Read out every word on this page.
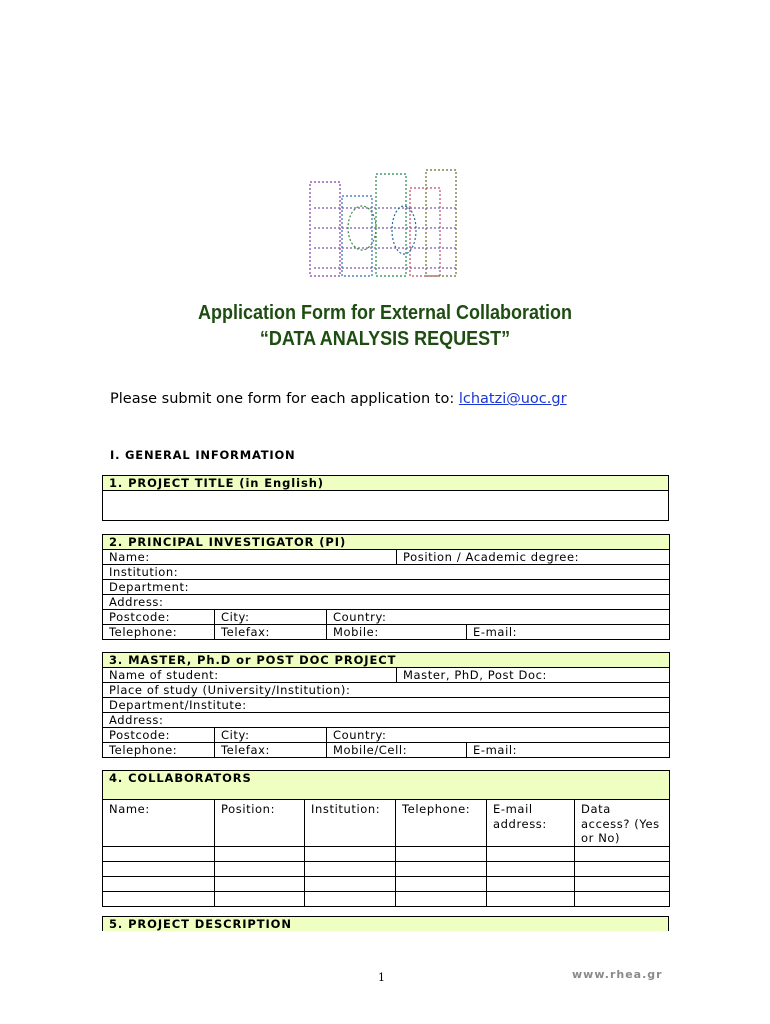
Application Form for External Collaboration
“DATA ANALYSIS REQUEST”
Please submit one form for each application to: lchatzi@uoc.gr
I. GENERAL INFORMATION
1. PROJECT TITLE (in English)

2. PRINCIPAL INVESTIGATOR (PI)				
Name:			Position / Academic degree:	
Institution:				
Department:				
Address:				
Postcode:	City:	Country:		
Telephone:	Telefax:	Mobile:		E-mail:
3. MASTER, Ph.D or POST DOC PROJECT				
Name of student:			Master, PhD, Post Doc:	
Place of study (University/Institution):				
Department/Institute:				
Address:				
Postcode:	City:	Country:		
Telephone:	Telefax:	Mobile/Cell:		E-mail:
4. COLLABORATORS					
Name:	Position:	Institution:	Telephone:	E-mail address:	Data access? (Yes or No)

5. PROJECT DESCRIPTION
1	www.rhea.gr
